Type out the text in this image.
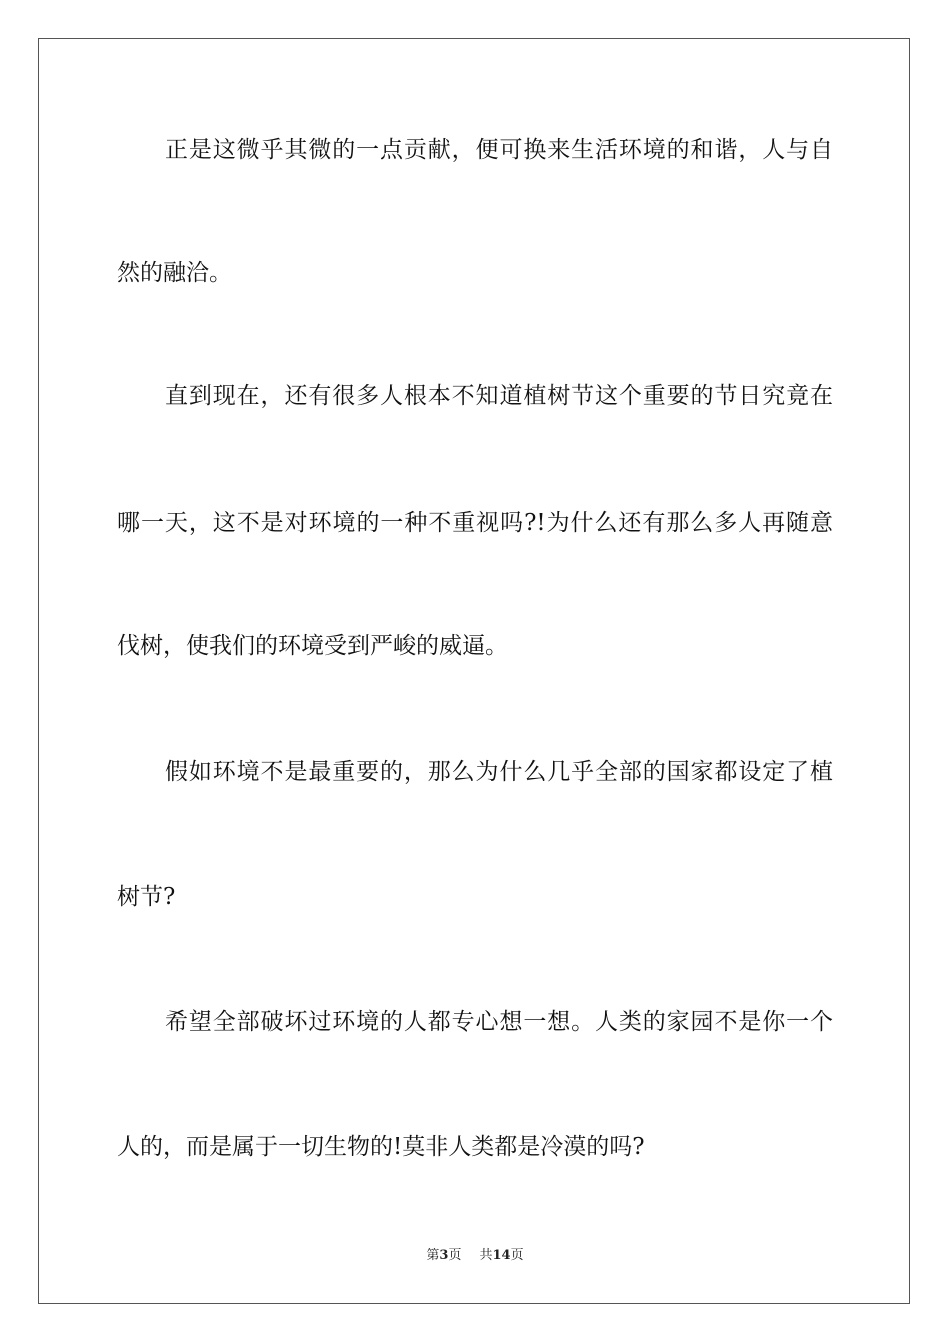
正是这微乎其微的一点贡献，便可换来生活环境的和谐，人与自

然的融洽。

直到现在，还有很多人根本不知道植树节这个重要的节日究竟在

哪一天，这不是对环境的一种不重视吗?!为什么还有那么多人再随意

伐树，使我们的环境受到严峻的威逼。

假如环境不是最重要的，那么为什么几乎全部的国家都设定了植

树节?

希望全部破坏过环境的人都专心想一想。人类的家园不是你一个

人的，而是属于一切生物的!莫非人类都是冷漠的吗?

第3页 共14页
